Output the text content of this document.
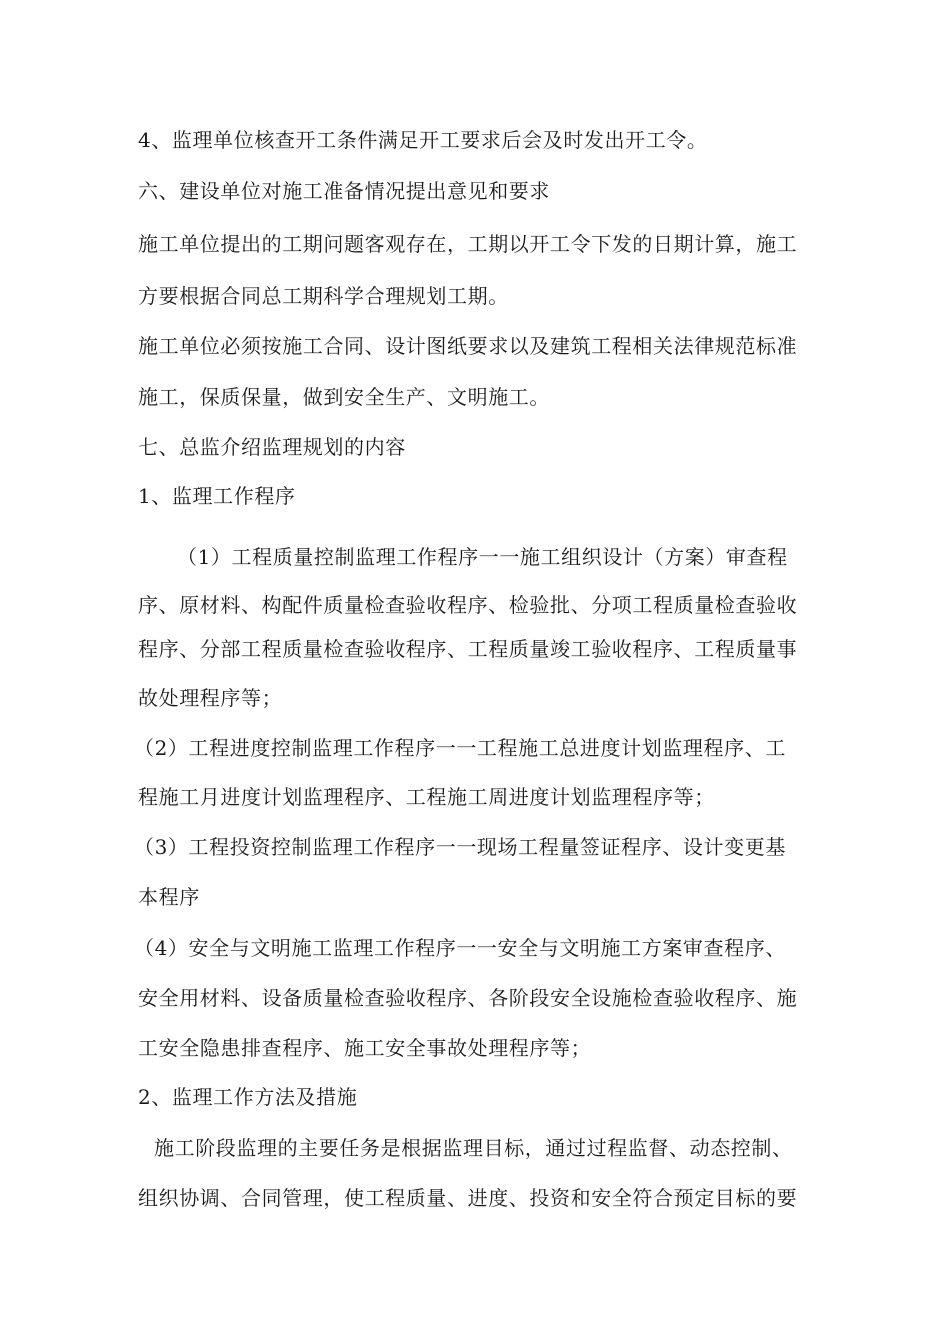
4、监理单位核查开工条件满足开工要求后会及时发出开工令。
六、建设单位对施工准备情况提出意见和要求
施工单位提出的工期问题客观存在，工期以开工令下发的日期计算，施工
方要根据合同总工期科学合理规划工期。
施工单位必须按施工合同、设计图纸要求以及建筑工程相关法律规范标准
施工，保质保量，做到安全生产、文明施工。
七、总监介绍监理规划的内容
1、监理工作程序
（1）工程质量控制监理工作程序一一施工组织设计（方案）审查程
序、原材料、构配件质量检查验收程序、检验批、分项工程质量检查验收
程序、分部工程质量检查验收程序、工程质量竣工验收程序、工程质量事
故处理程序等；
（2）工程进度控制监理工作程序一一工程施工总进度计划监理程序、工
程施工月进度计划监理程序、工程施工周进度计划监理程序等；
（3）工程投资控制监理工作程序一一现场工程量签证程序、设计变更基
本程序
（4）安全与文明施工监理工作程序一一安全与文明施工方案审查程序、
安全用材料、设备质量检查验收程序、各阶段安全设施检查验收程序、施
工安全隐患排查程序、施工安全事故处理程序等；
2、监理工作方法及措施
施工阶段监理的主要任务是根据监理目标，通过过程监督、动态控制、
组织协调、合同管理，使工程质量、进度、投资和安全符合预定目标的要
